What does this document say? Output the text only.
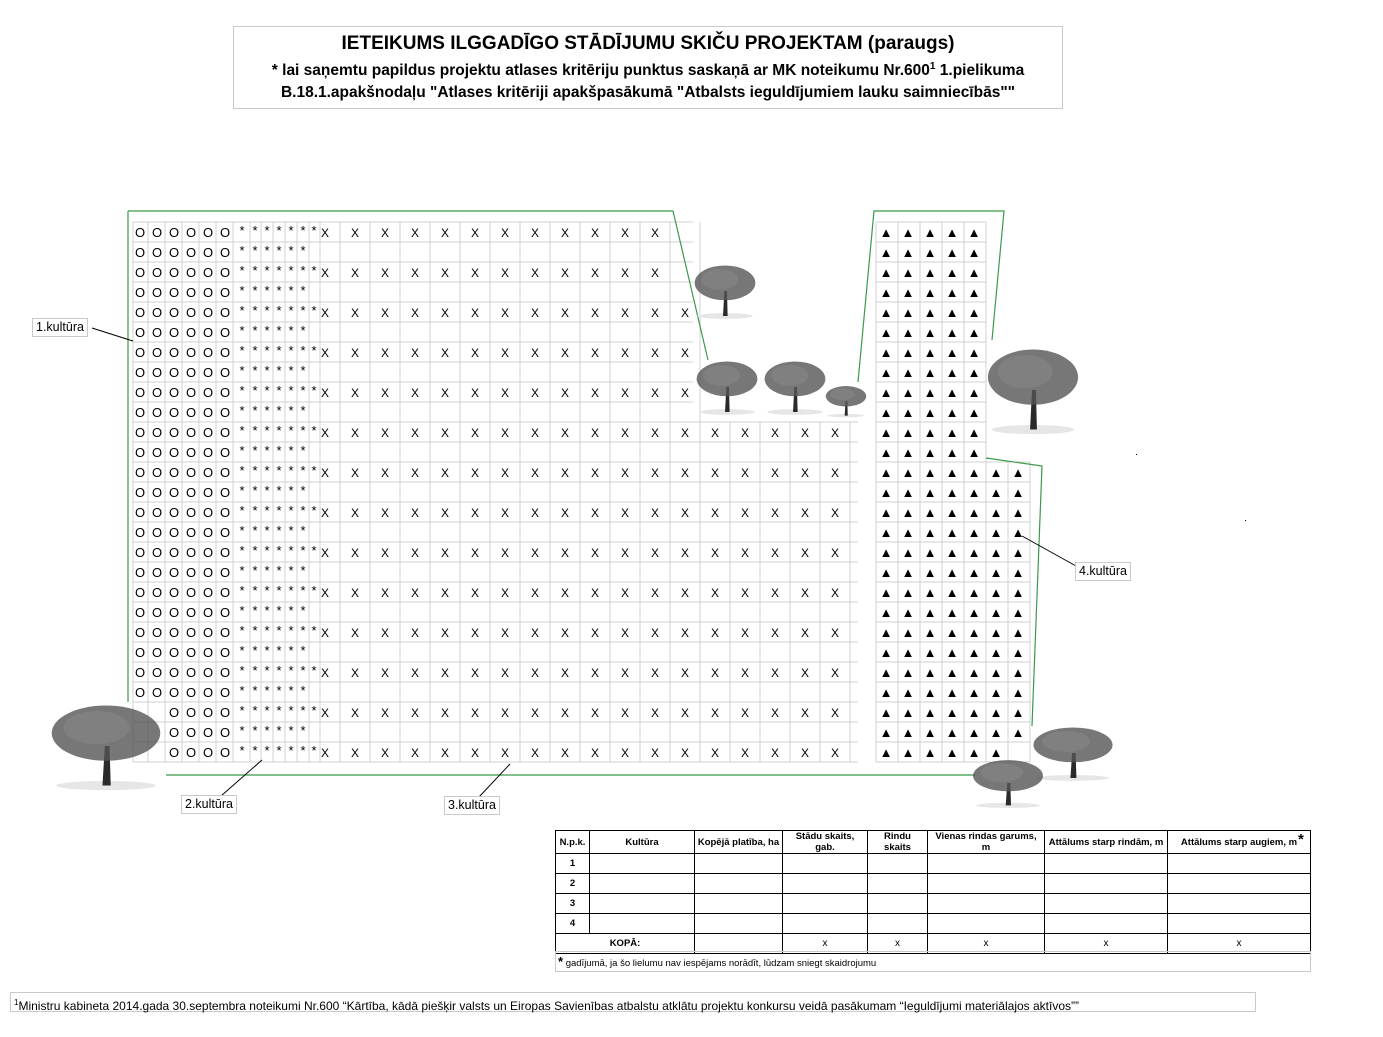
IETEIKUMS ILGGADĪGO STĀDĪJUMU SKIČU PROJEKTAM (paraugs)
* lai saņemtu papildus projektu atlases kritēriju punktus saskaņā ar MK noteikumu Nr.600$^1$ 1.pielikuma
B.18.1.apakšnodaļu "Atlases kritēriji apakšpasākumā "Atbalsts ieguldījumiem lauku saimniecībās""
O O O O O O * * * * * * * X X X X X X X X X X X X	▲ ▲ ▲ ▲ ▲
O O O O O O * * * * * *	▲ ▲ ▲ ▲ ▲
O O O O O O * * * * * * * X X X X X X X X X X X X	▲ ▲ ▲ ▲ ▲
O O O O O O * * * * * *	▲ ▲ ▲ ▲ ▲
O O O O O O * * * * * * * X X X X X X X X X X X X X	▲ ▲ ▲ ▲ ▲
O O O O O O * * * * * *	▲ ▲ ▲ ▲ ▲
O O O O O O * * * * * * * X X X X X X X X X X X X X	▲ ▲ ▲ ▲ ▲
O O O O O O * * * * * *	▲ ▲ ▲ ▲ ▲
O O O O O O * * * * * * * X X X X X X X X X X X X X	▲ ▲ ▲ ▲ ▲
O O O O O O * * * * * *	▲ ▲ ▲ ▲ ▲
O O O O O O * * * * * * * X X X X X X X X X X X X X X X X X X	▲ ▲ ▲ ▲ ▲
O O O O O O * * * * * *	▲ ▲ ▲ ▲ ▲
O O O O O O * * * * * * * X X X X X X X X X X X X X X X X X X	▲ ▲ ▲ ▲ ▲ ▲ ▲
O O O O O O * * * * * *	▲ ▲ ▲ ▲ ▲ ▲ ▲
O O O O O O * * * * * * * X X X X X X X X X X X X X X X X X X	▲ ▲ ▲ ▲ ▲ ▲ ▲
O O O O O O * * * * * *	▲ ▲ ▲ ▲ ▲ ▲ ▲
O O O O O O * * * * * * * X X X X X X X X X X X X X X X X X X	▲ ▲ ▲ ▲ ▲ ▲ ▲
O O O O O O * * * * * *	▲ ▲ ▲ ▲ ▲ ▲ ▲
O O O O O O * * * * * * * X X X X X X X X X X X X X X X X X X	▲ ▲ ▲ ▲ ▲ ▲ ▲
O O O O O O * * * * * *	▲ ▲ ▲ ▲ ▲ ▲ ▲
O O O O O O * * * * * * * X X X X X X X X X X X X X X X X X X	▲ ▲ ▲ ▲ ▲ ▲ ▲
O O O O O O * * * * * *	▲ ▲ ▲ ▲ ▲ ▲ ▲
O O O O O O * * * * * * * X X X X X X X X X X X X X X X X X X	▲ ▲ ▲ ▲ ▲ ▲ ▲
O O O O O O * * * * * *	▲ ▲ ▲ ▲ ▲ ▲ ▲
O O O O * * * * * * * X X X X X X X X X X X X X X X X X X	▲ ▲ ▲ ▲ ▲ ▲ ▲
O O O O * * * * * *	▲ ▲ ▲ ▲ ▲ ▲ ▲
O O O O * * * * * * * X X X X X X X X X X X X X X X X X X	▲ ▲ ▲ ▲ ▲ ▲
1.kultūra
2.kultūra	3.kultūra
4.kultūra
N.p.k.	Kultūra	Kopējā platība, ha	Stādu skaits, gab.	Rindu skaits	Vienas rindas garums, m	Attālums starp rindām, m	Attālums starp augiem, m
1							
2							
3							
4							
KOPĀ:			x	x	x	x	x
*
* gadījumā, ja šo lielumu nav iespējams norādīt, lūdzam sniegt skaidrojumu
$^1$Ministru kabineta 2014.gada 30.septembra noteikumi Nr.600 “Kārtība, kādā piešķir valsts un Eiropas Savienības atbalstu atklātu projektu konkursu veidā pasākumam “Ieguldījumi materiālajos aktīvos””
